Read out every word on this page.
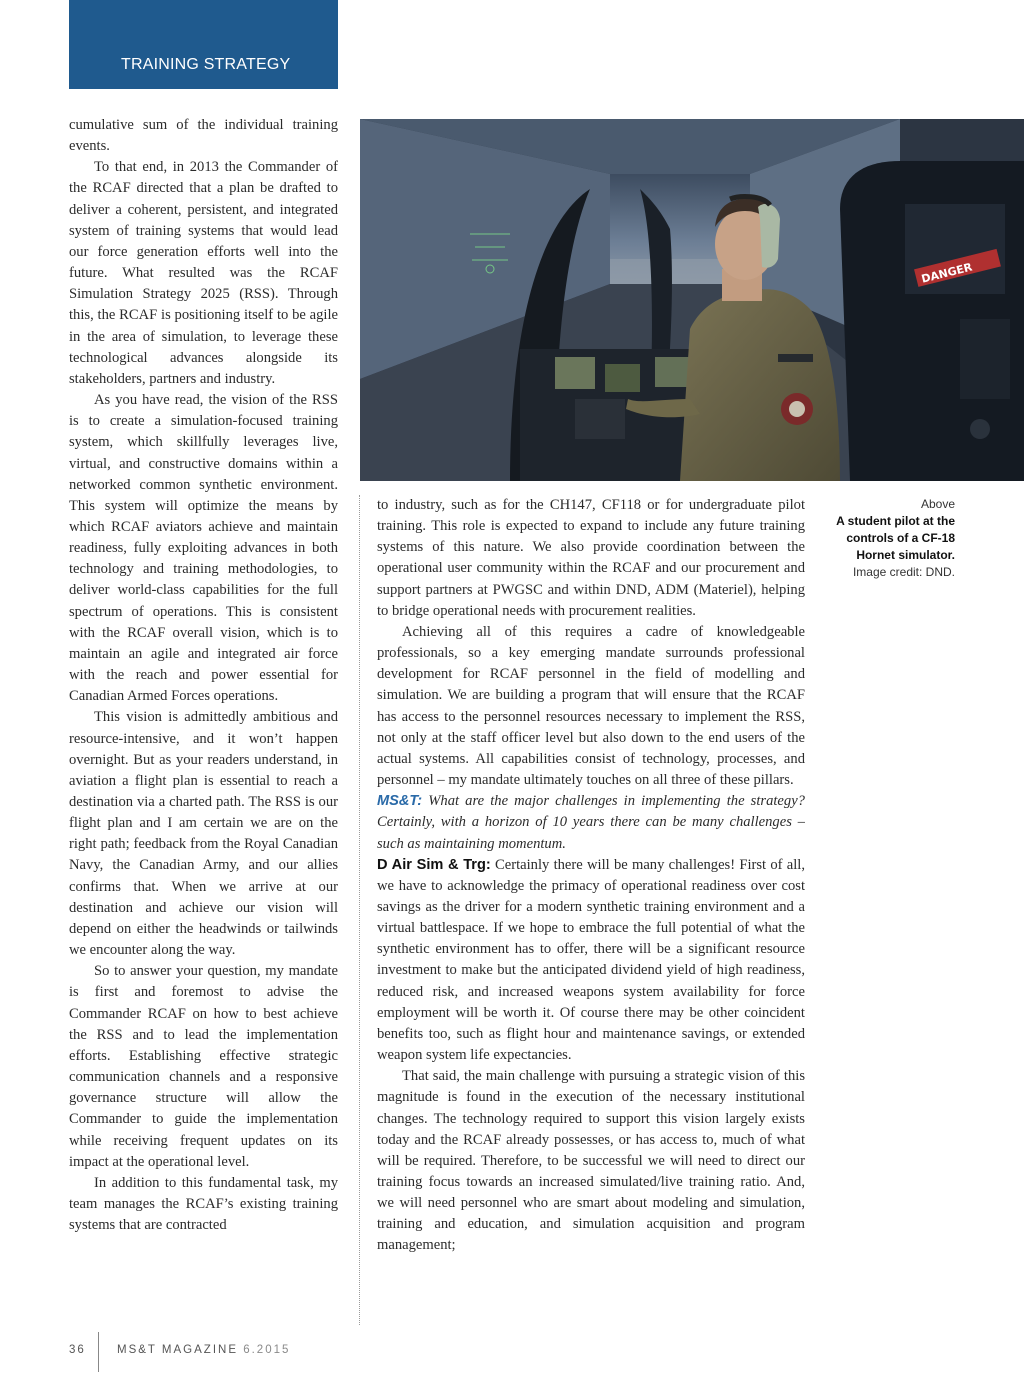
TRAINING STRATEGY

cumulative sum of the individual training events.

To that end, in 2013 the Commander of the RCAF directed that a plan be drafted to deliver a coherent, persistent, and integrated system of training systems that would lead our force generation efforts well into the future. What resulted was the RCAF Simulation Strategy 2025 (RSS). Through this, the RCAF is positioning itself to be agile in the area of simulation, to leverage these technological advances alongside its stakeholders, partners and industry.

As you have read, the vision of the RSS is to create a simulation-focused training system, which skillfully leverages live, virtual, and constructive domains within a networked common synthetic environment. This system will optimize the means by which RCAF aviators achieve and maintain readiness, fully exploiting advances in both technology and training methodologies, to deliver world-class capabilities for the full spectrum of operations. This is consistent with the RCAF overall vision, which is to maintain an agile and integrated air force with the reach and power essential for Canadian Armed Forces operations.

This vision is admittedly ambitious and resource-intensive, and it won’t happen overnight. But as your readers understand, in aviation a flight plan is essential to reach a destination via a charted path. The RSS is our flight plan and I am certain we are on the right path; feedback from the Royal Canadian Navy, the Canadian Army, and our allies confirms that. When we arrive at our destination and achieve our vision will depend on either the headwinds or tailwinds we encounter along the way.

So to answer your question, my mandate is first and foremost to advise the Commander RCAF on how to best achieve the RSS and to lead the implementation efforts. Establishing effective strategic communication channels and a responsive governance structure will allow the Commander to guide the implementation while receiving frequent updates on its impact at the operational level.

In addition to this fundamental task, my team manages the RCAF’s existing training systems that are contracted

DANGER

to industry, such as for the CH147, CF118 or for undergraduate pilot training. This role is expected to expand to include any future training systems of this nature. We also provide coordination between the operational user community within the RCAF and our procurement and support partners at PWGSC and within DND, ADM (Materiel), helping to bridge operational needs with procurement realities.

Achieving all of this requires a cadre of knowledgeable professionals, so a key emerging mandate surrounds professional development for RCAF personnel in the field of modelling and simulation. We are building a program that will ensure that the RCAF has access to the personnel resources necessary to implement the RSS, not only at the staff officer level but also down to the end users of the actual systems. All capabilities consist of technology, processes, and personnel – my mandate ultimately touches on all three of these pillars.

MS&T: What are the major challenges in implementing the strategy? Certainly, with a horizon of 10 years there can be many challenges – such as maintaining momentum.

D Air Sim & Trg: Certainly there will be many challenges! First of all, we have to acknowledge the primacy of operational readiness over cost savings as the driver for a modern synthetic training environment and a virtual battlespace. If we hope to embrace the full potential of what the synthetic environment has to offer, there will be a significant resource investment to make but the anticipated dividend yield of high readiness, reduced risk, and increased weapons system availability for force employment will be worth it. Of course there may be other coincident benefits too, such as flight hour and maintenance savings, or extended weapon system life expectancies.

That said, the main challenge with pursuing a strategic vision of this magnitude is found in the execution of the necessary institutional changes. The technology required to support this vision largely exists today and the RCAF already possesses, or has access to, much of what will be required. Therefore, to be successful we will need to direct our training focus towards an increased simulated/live training ratio. And, we will need personnel who are smart about modeling and simulation, training and education, and simulation acquisition and program management;

Above
A student pilot at the
controls of a CF-18
Hornet simulator.
Image credit: DND.
36	MS&T MAGAZINE 6.2015
